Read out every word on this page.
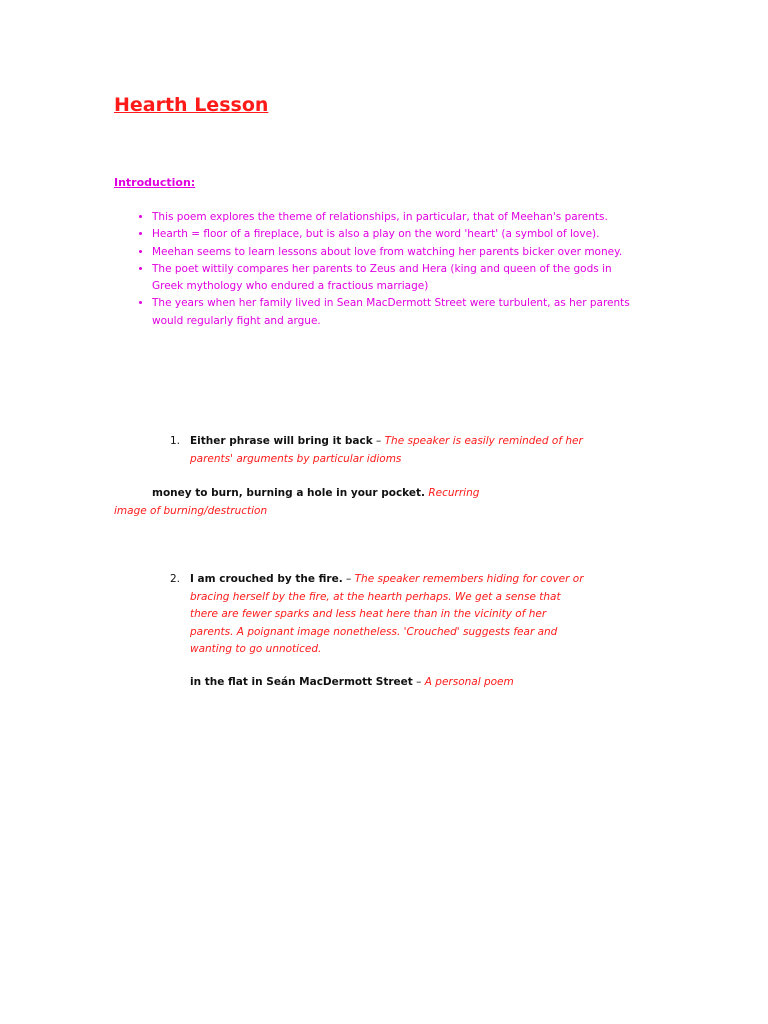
Hearth Lesson
Introduction:
• This poem explores the theme of relationships, in particular, that of Meehan's parents.
• Hearth = floor of a fireplace, but is also a play on the word 'heart' (a symbol of love).
• Meehan seems to learn lessons about love from watching her parents bicker over money.
• The poet wittily compares her parents to Zeus and Hera (king and queen of the gods in Greek mythology who endured a fractious marriage)
• The years when her family lived in Sean MacDermott Street were turbulent, as her parents would regularly fight and argue.
1. Either phrase will bring it back – The speaker is easily reminded of her parents' arguments by particular idioms
money to burn, burning a hole in your pocket. Recurring image of burning/destruction
2. I am crouched by the fire. – The speaker remembers hiding for cover or bracing herself by the fire, at the hearth perhaps. We get a sense that there are fewer sparks and less heat here than in the vicinity of her parents. A poignant image nonetheless. 'Crouched' suggests fear and wanting to go unnoticed.
in the flat in Seán MacDermott Street – A personal poem
